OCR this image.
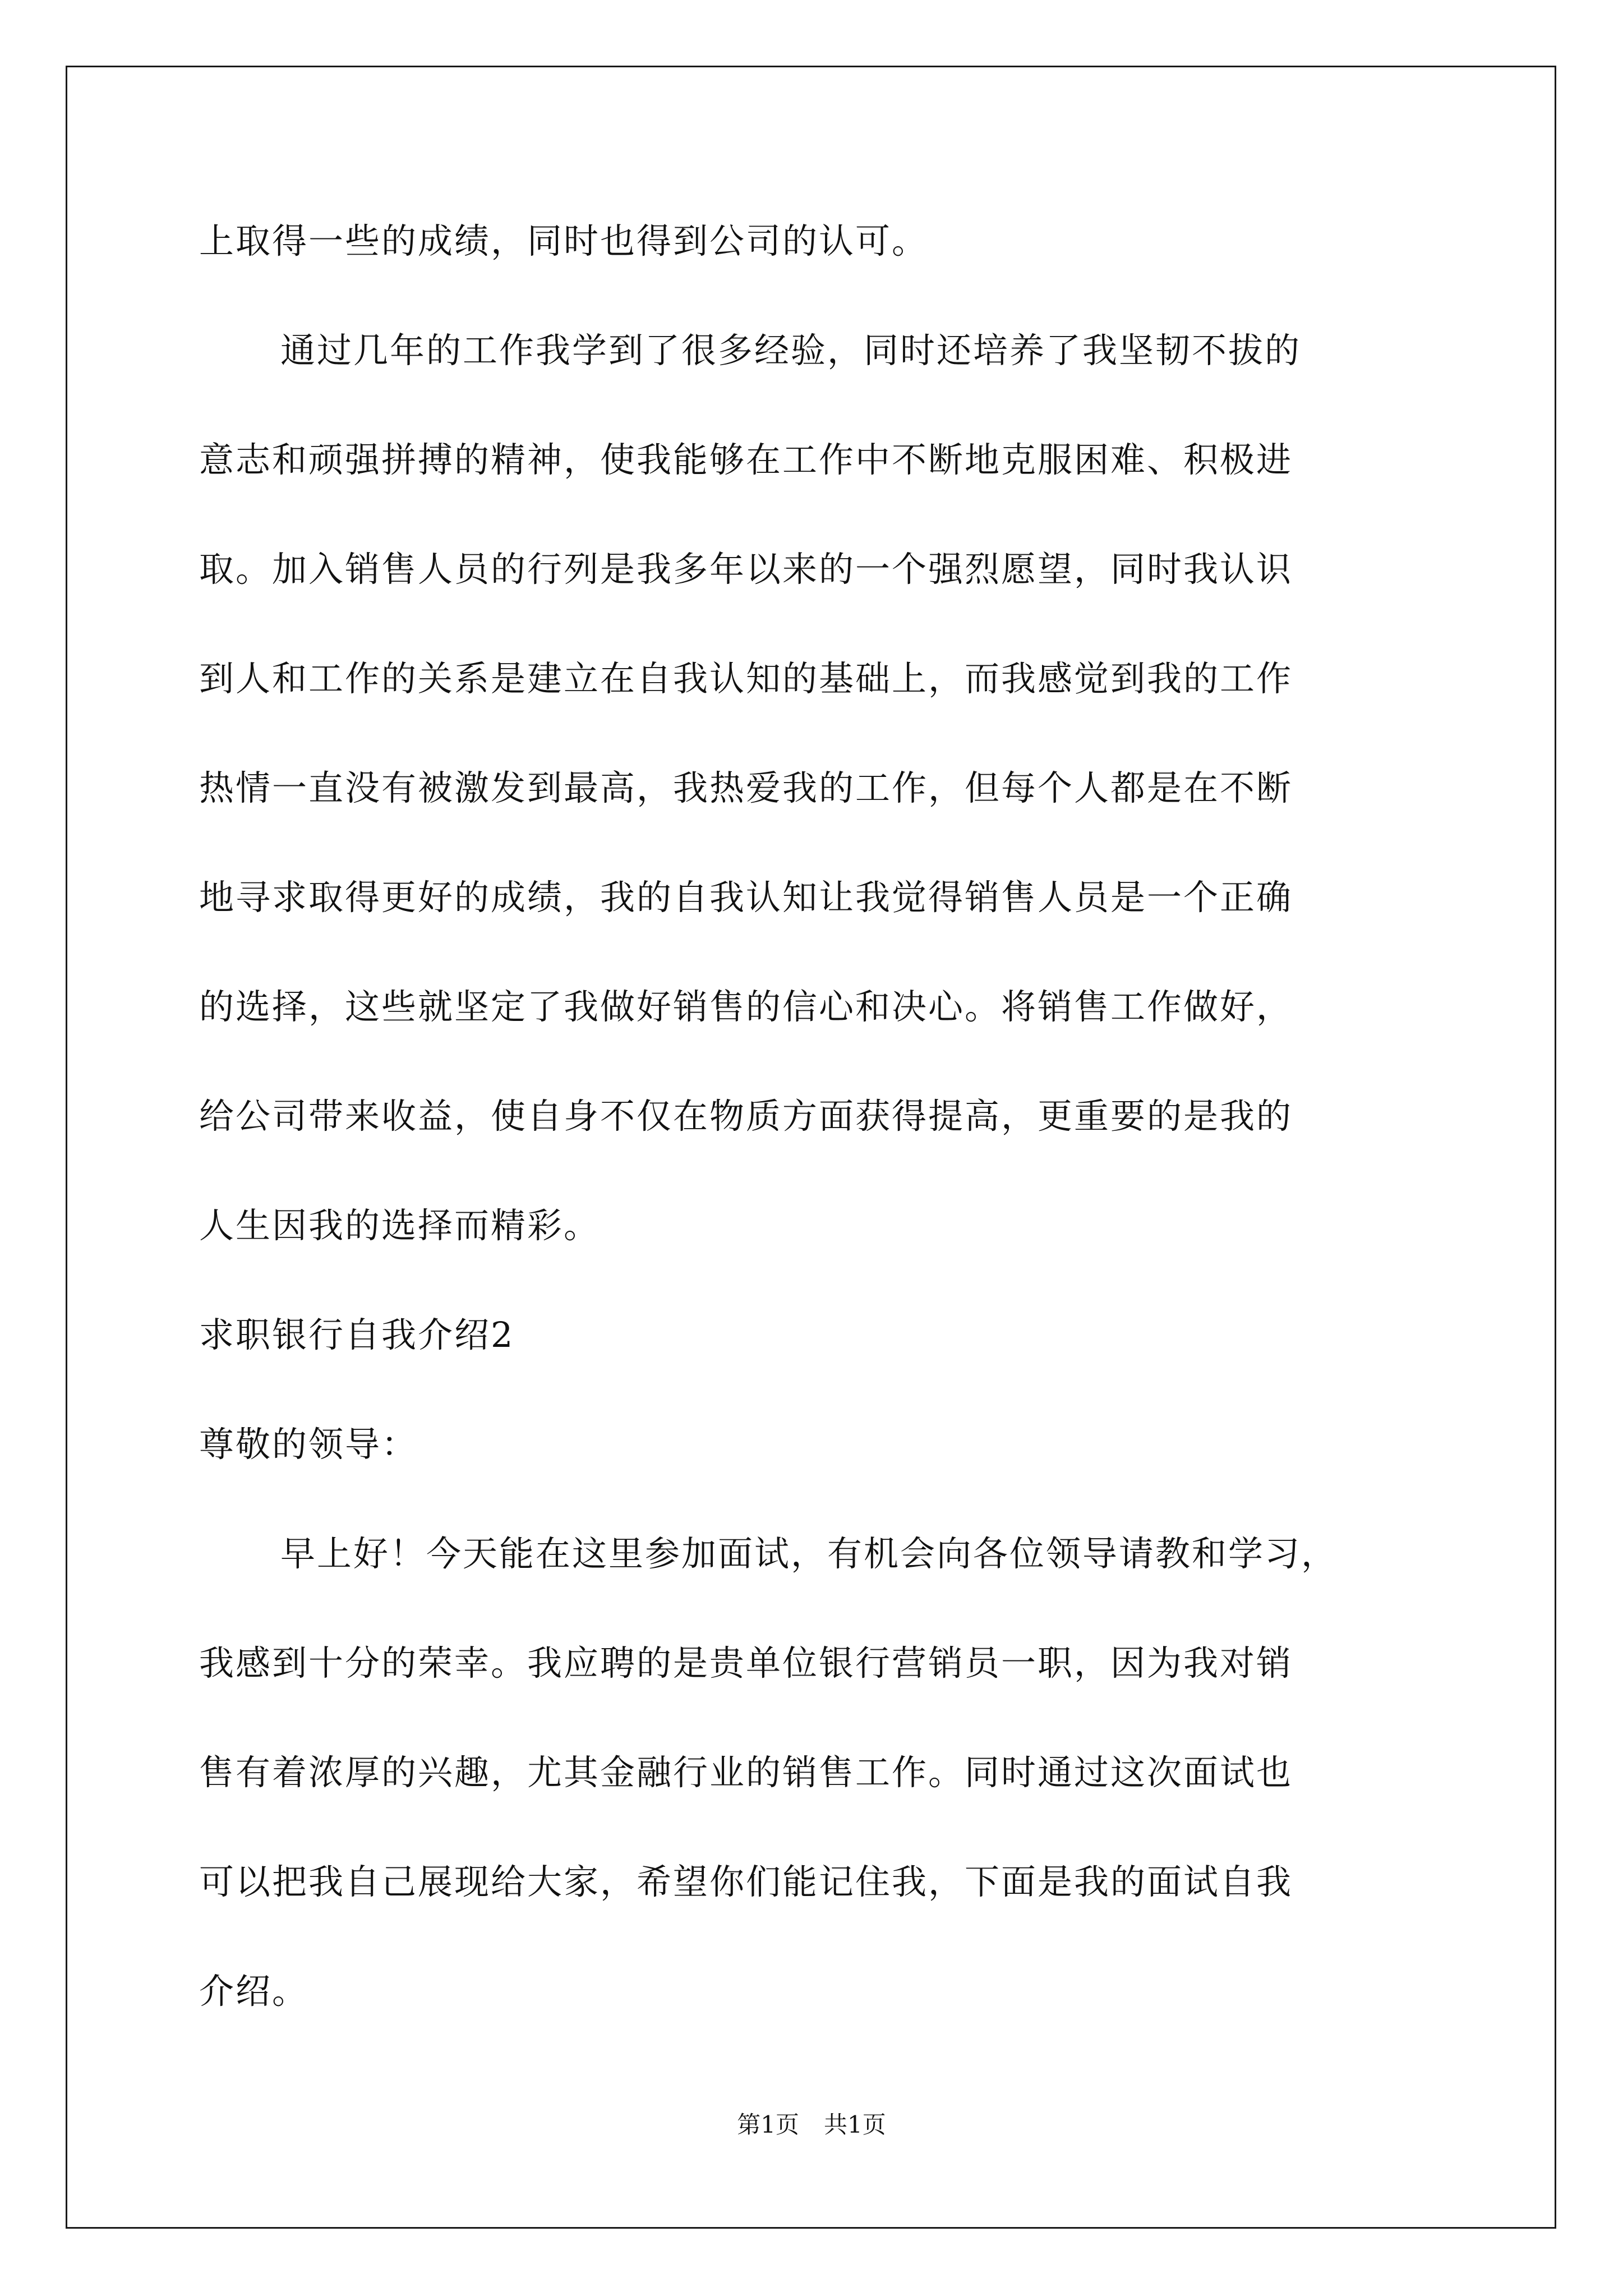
上取得一些的成绩，同时也得到公司的认可。
通过几年的工作我学到了很多经验，同时还培养了我坚韧不拔的
意志和顽强拼搏的精神，使我能够在工作中不断地克服困难、积极进
取。加入销售人员的行列是我多年以来的一个强烈愿望，同时我认识
到人和工作的关系是建立在自我认知的基础上，而我感觉到我的工作
热情一直没有被激发到最高，我热爱我的工作，但每个人都是在不断
地寻求取得更好的成绩，我的自我认知让我觉得销售人员是一个正确
的选择，这些就坚定了我做好销售的信心和决心。将销售工作做好，
给公司带来收益，使自身不仅在物质方面获得提高，更重要的是我的
人生因我的选择而精彩。
求职银行自我介绍2
尊敬的领导：
早上好！今天能在这里参加面试，有机会向各位领导请教和学习，
我感到十分的荣幸。我应聘的是贵单位银行营销员一职，因为我对销
售有着浓厚的兴趣，尤其金融行业的销售工作。同时通过这次面试也
可以把我自己展现给大家，希望你们能记住我，下面是我的面试自我
介绍。
第1页 共1页
